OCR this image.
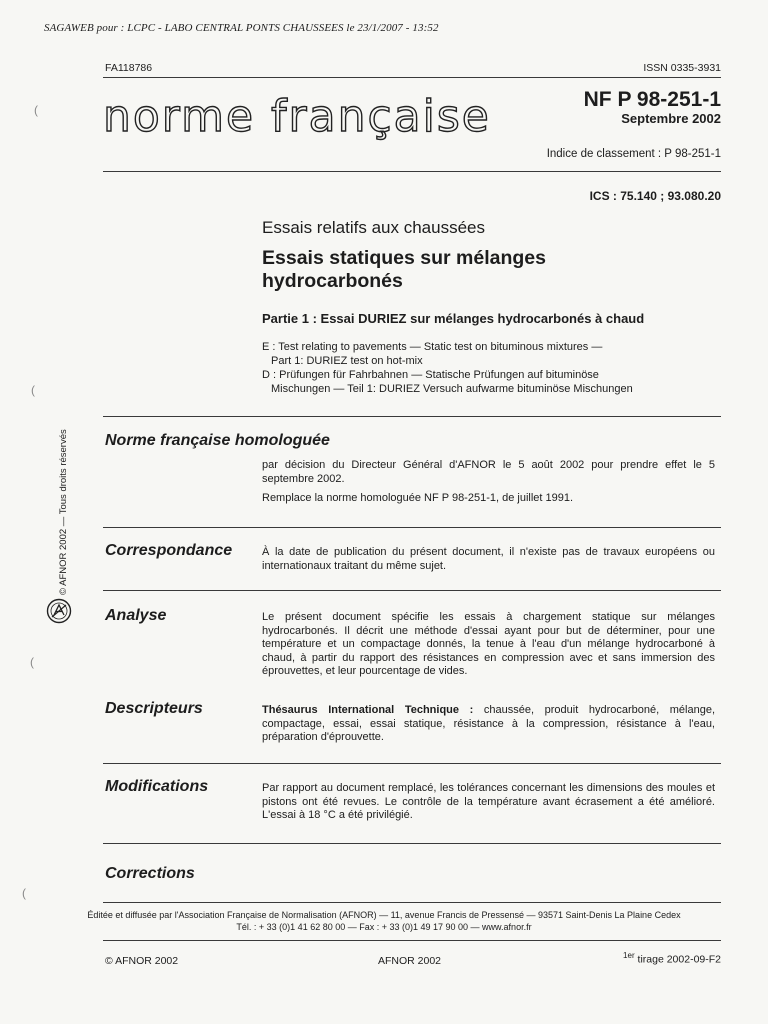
SAGAWEB pour : LCPC - LABO CENTRAL PONTS CHAUSSEES le 23/1/2007 - 13:52
FA118786	ISSN 0335-3931
norme française	NF P 98-251-1
Septembre 2002
Indice de classement : P 98-251-1
ICS : 75.140 ; 93.080.20
Essais relatifs aux chaussées
Essais statiques sur mélanges
hydrocarbonés
Partie 1 : Essai DURIEZ sur mélanges hydrocarbonés à chaud
E : Test relating to pavements — Static test on bituminous mixtures —
Part 1: DURIEZ test on hot-mix
D : Prüfungen für Fahrbahnen — Statische Prüfungen auf bituminöse
Mischungen — Teil 1: DURIEZ Versuch aufwarme bituminöse Mischungen
Norme française homologuée

par décision du Directeur Général d'AFNOR le 5 août 2002 pour prendre effet le 5 septembre 2002.

Remplace la norme homologuée NF P 98-251-1, de juillet 1991.

Correspondance	À la date de publication du présent document, il n'existe pas de travaux européens ou internationaux traitant du même sujet.
Analyse	Le présent document spécifie les essais à chargement statique sur mélanges hydrocarbonés. Il décrit une méthode d'essai ayant pour but de déterminer, pour une température et un compactage donnés, la tenue à l'eau d'un mélange hydrocarboné à chaud, à partir du rapport des résistances en compression avec et sans immersion des éprouvettes, et leur pourcentage de vides.
Descripteurs	Thésaurus International Technique : chaussée, produit hydrocarboné, mélange, compactage, essai, essai statique, résistance à la compression, résistance à l'eau, préparation d'éprouvette.
Modifications	Par rapport au document remplacé, les tolérances concernant les dimensions des moules et pistons ont été revues. Le contrôle de la température avant écrasement a été amélioré. L'essai à 18 °C a été privilégié.
Corrections
Éditée et diffusée par l'Association Française de Normalisation (AFNOR) — 11, avenue Francis de Pressensé — 93571 Saint-Denis La Plaine Cedex
Tél. : + 33 (0)1 41 62 80 00 — Fax : + 33 (0)1 49 17 90 00 — www.afnor.fr
© AFNOR 2002	AFNOR 2002	$^{1er}$ tirage 2002-09-F2
© AFNOR 2002 — Tous droits réservés
(
(
(
(
